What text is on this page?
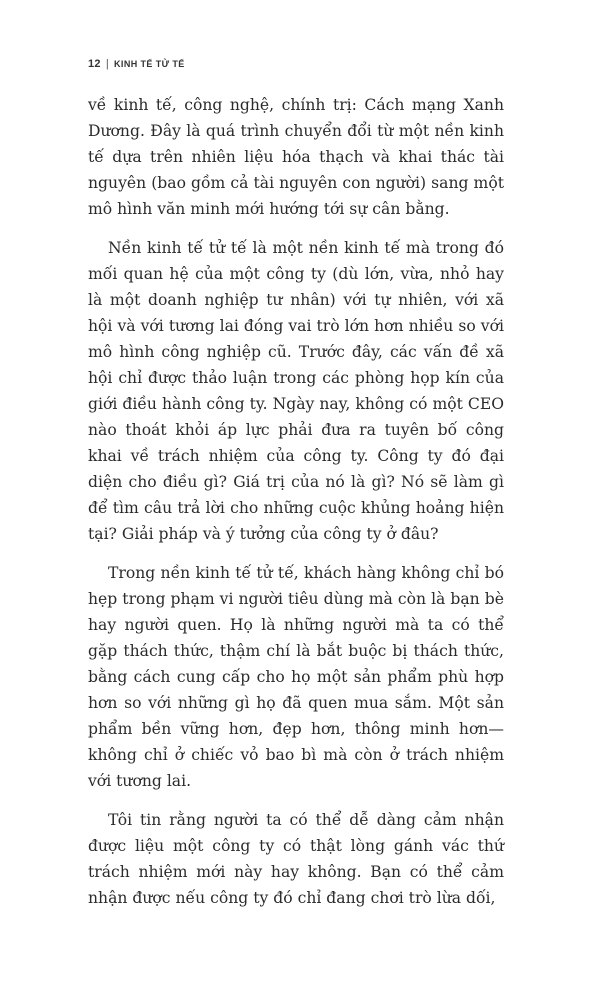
12 | KINH TẾ TỬ TẾ

về kinh tế, công nghệ, chính trị: Cách mạng Xanh Dương. Đây là quá trình chuyển đổi từ một nền kinh tế dựa trên nhiên liệu hóa thạch và khai thác tài nguyên (bao gồm cả tài nguyên con người) sang một mô hình văn minh mới hướng tới sự cân bằng.

Nền kinh tế tử tế là một nền kinh tế mà trong đó mối quan hệ của một công ty (dù lớn, vừa, nhỏ hay là một doanh nghiệp tư nhân) với tự nhiên, với xã hội và với tương lai đóng vai trò lớn hơn nhiều so với mô hình công nghiệp cũ. Trước đây, các vấn đề xã hội chỉ được thảo luận trong các phòng họp kín của giới điều hành công ty. Ngày nay, không có một CEO nào thoát khỏi áp lực phải đưa ra tuyên bố công khai về trách nhiệm của công ty. Công ty đó đại diện cho điều gì? Giá trị của nó là gì? Nó sẽ làm gì để tìm câu trả lời cho những cuộc khủng hoảng hiện tại? Giải pháp và ý tưởng của công ty ở đâu?

Trong nền kinh tế tử tế, khách hàng không chỉ bó hẹp trong phạm vi người tiêu dùng mà còn là bạn bè hay người quen. Họ là những người mà ta có thể gặp thách thức, thậm chí là bắt buộc bị thách thức, bằng cách cung cấp cho họ một sản phẩm phù hợp hơn so với những gì họ đã quen mua sắm. Một sản phẩm bền vững hơn, đẹp hơn, thông minh hơn—không chỉ ở chiếc vỏ bao bì mà còn ở trách nhiệm với tương lai.

Tôi tin rằng người ta có thể dễ dàng cảm nhận được liệu một công ty có thật lòng gánh vác thứ trách nhiệm mới này hay không. Bạn có thể cảm nhận được nếu công ty đó chỉ đang chơi trò lừa dối,
